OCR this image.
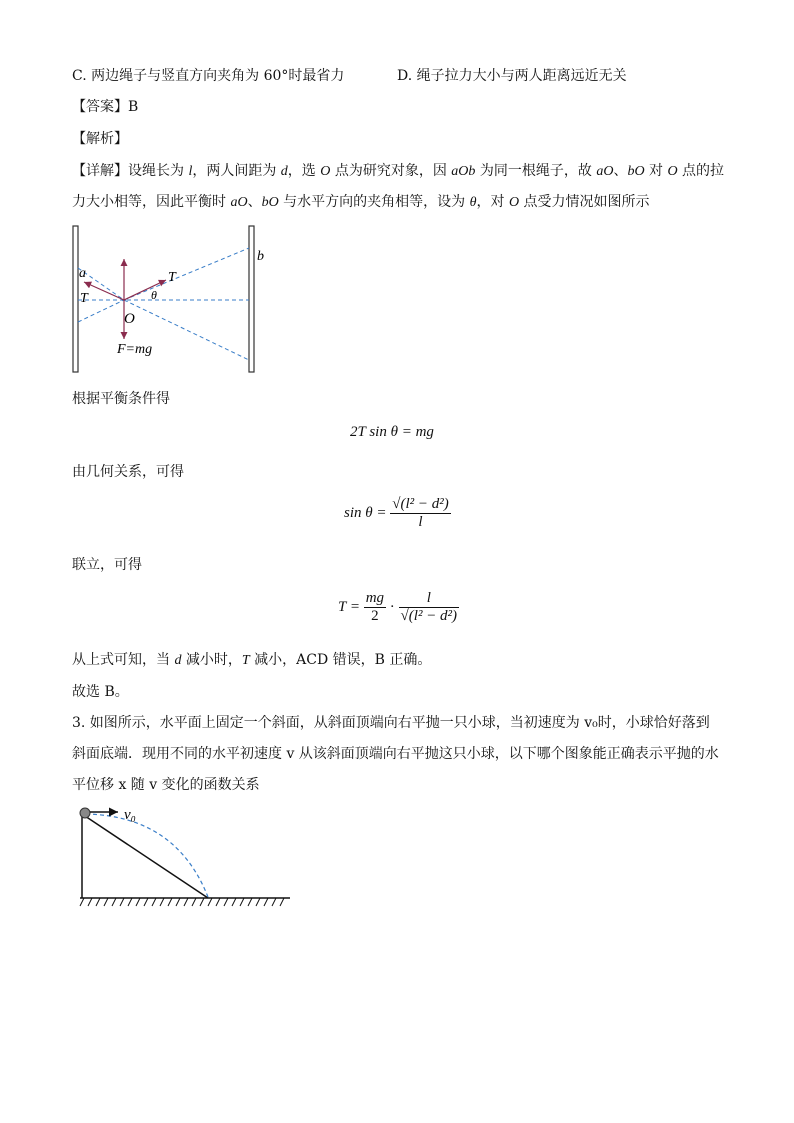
C. 两边绳子与竖直方向夹角为 60°时最省力	D. 绳子拉力大小与两人距离远近无关
【答案】B
【解析】
【详解】设绳长为 l，两人间距为 d，选 O 点为研究对象，因 aOb 为同一根绳子，故 aO、bO 对 O 点的拉
力大小相等，因此平衡时 aO、bO 与水平方向的夹角相等，设为 θ，对 O 点受力情况如图所示
a
b
T
T
θ
O
F=mg
根据平衡条件得
2T sin θ = mg
由几何关系，可得
$\sin \theta = \frac{\text{√(l² − d²)}}{l}$
联立，可得
$T = \frac{mg}{2} \cdot \frac{l}{\text{√(l² − d²)}}$
从上式可知，当 d 减小时，T 减小，ACD 错误，B 正确。
故选 B。
3. 如图所示，水平面上固定一个斜面，从斜面顶端向右平抛一只小球，当初速度为 v₀时，小球恰好落到
斜面底端．现用不同的水平初速度 v 从该斜面顶端向右平抛这只小球，以下哪个图象能正确表示平抛的水
平位移 x 随 v 变化的函数关系
v₀
